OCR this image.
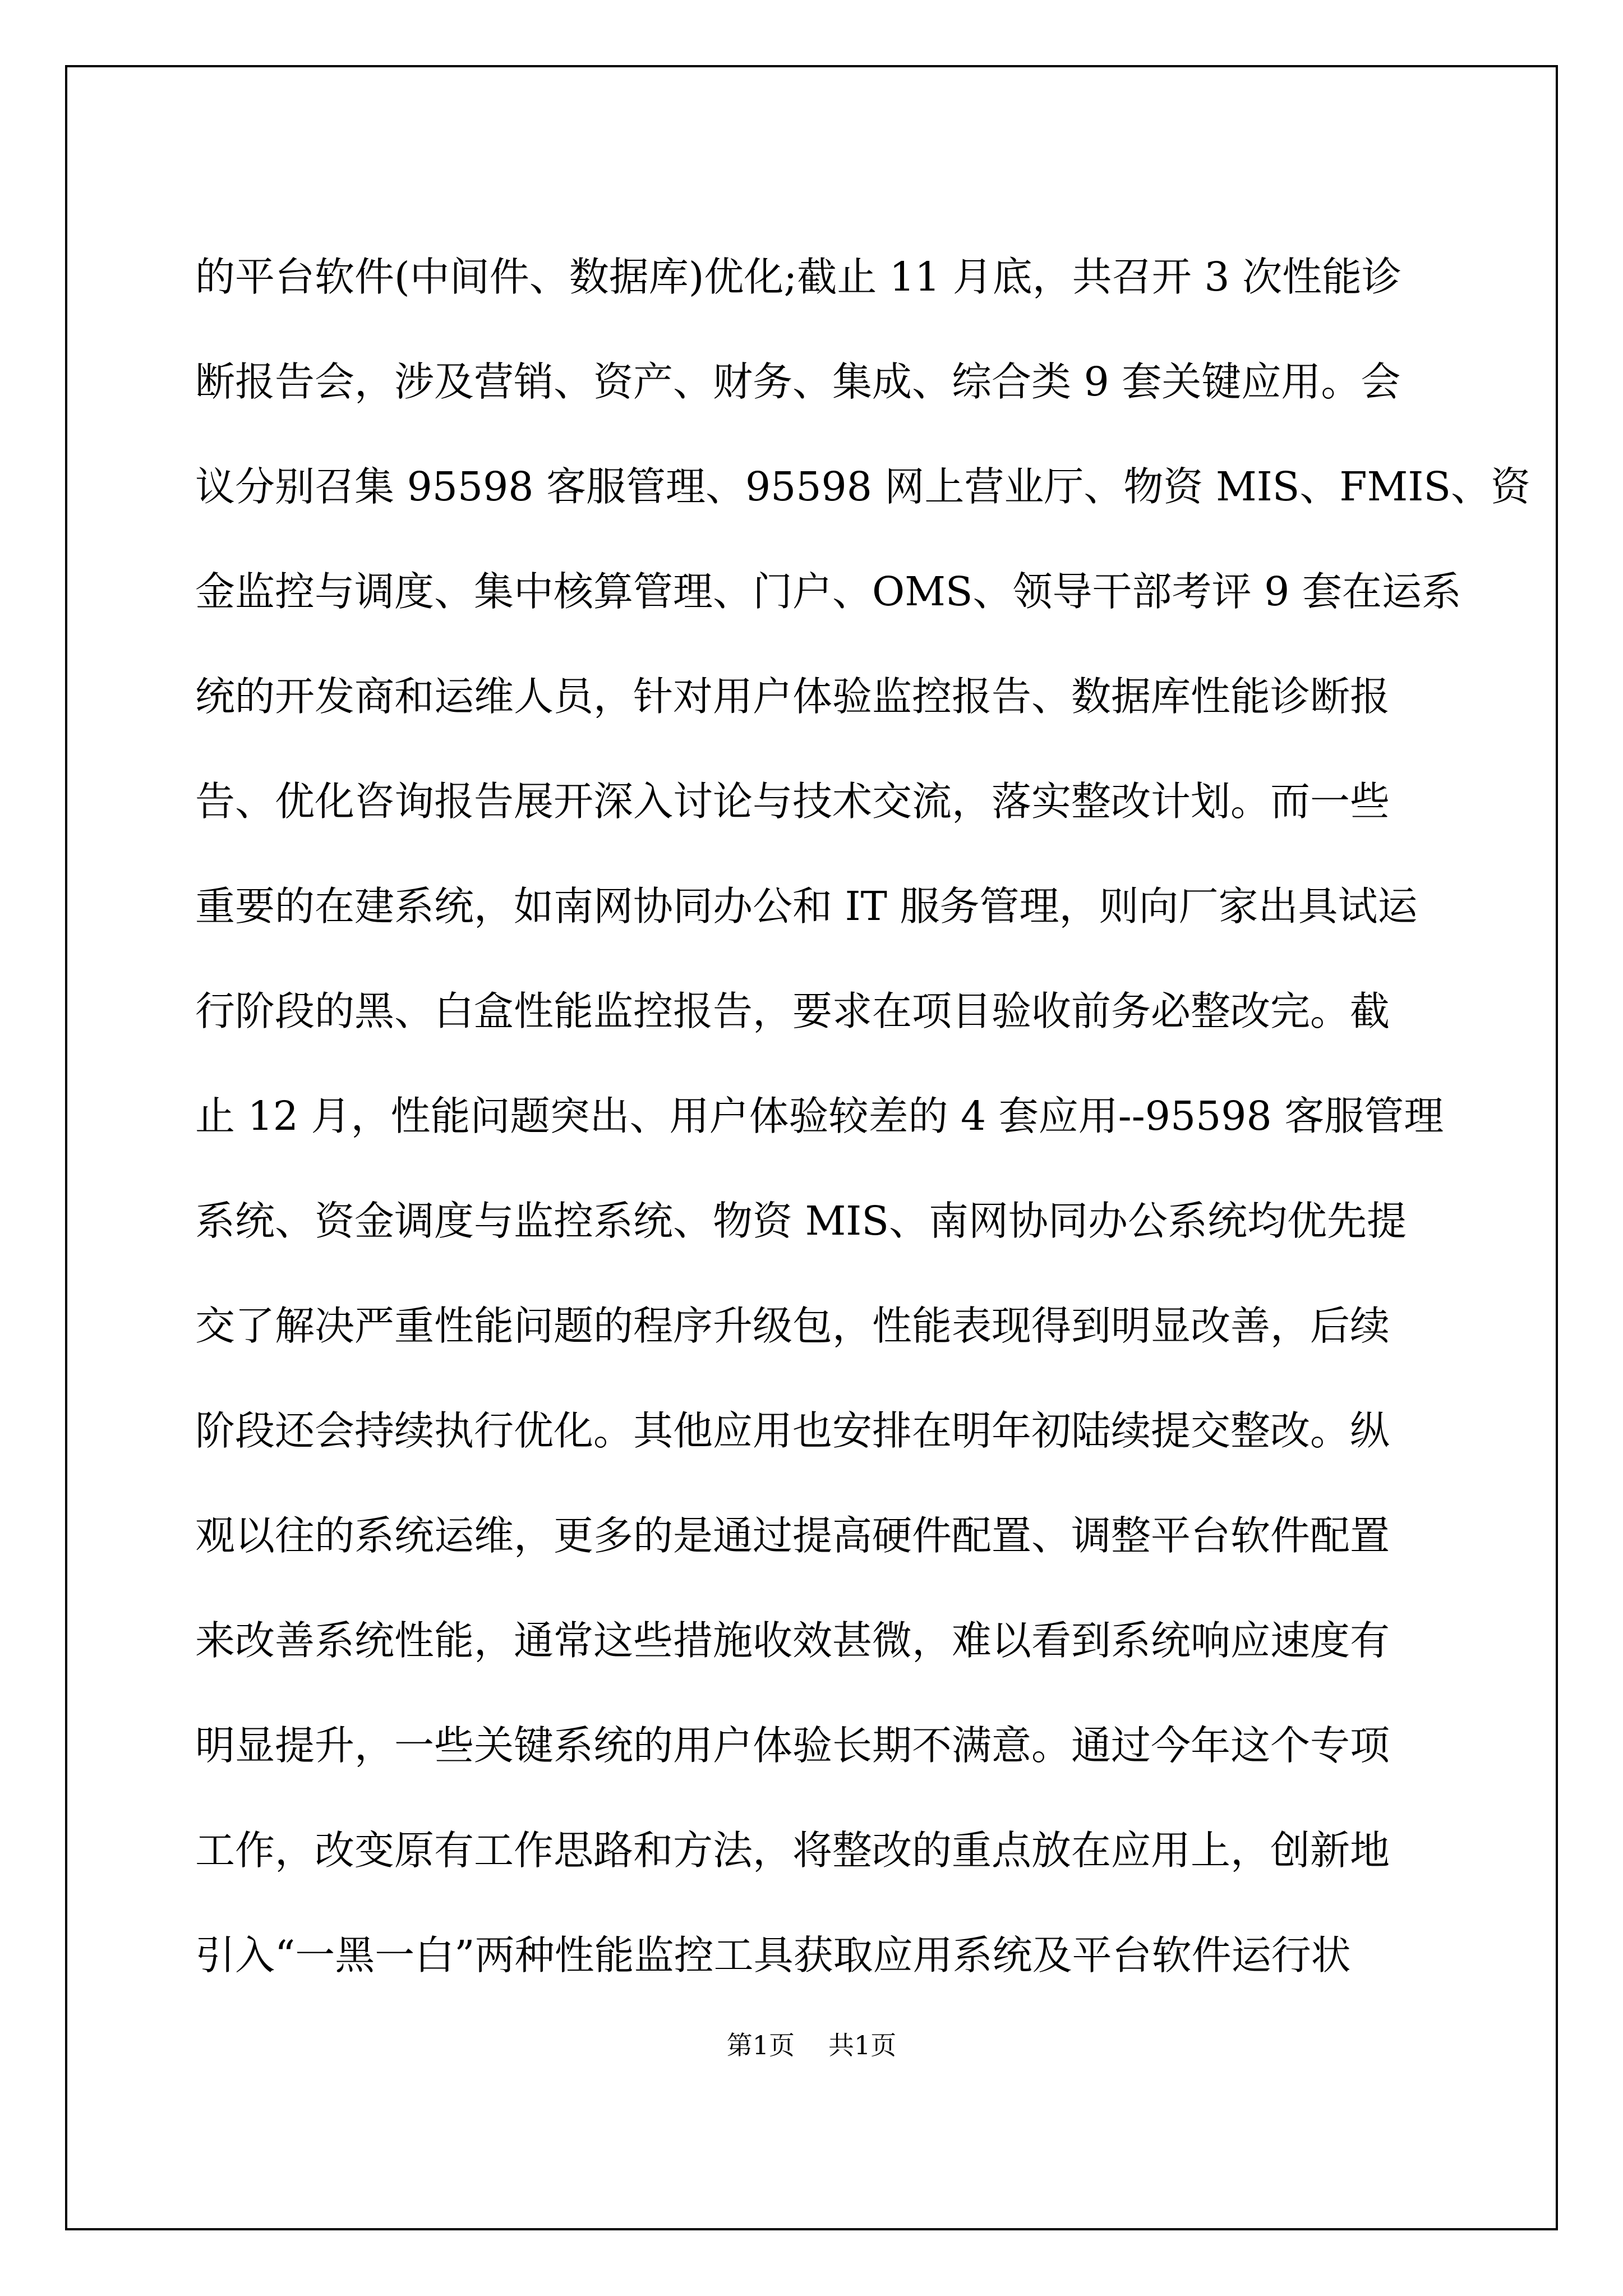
的平台软件(中间件、数据库)优化;截止 11 月底，共召开 3 次性能诊
断报告会，涉及营销、资产、财务、集成、综合类 9 套关键应用。会
议分别召集 95598 客服管理、95598 网上营业厅、物资 MIS、FMIS、资
金监控与调度、集中核算管理、门户、OMS、领导干部考评 9 套在运系
统的开发商和运维人员，针对用户体验监控报告、数据库性能诊断报
告、优化咨询报告展开深入讨论与技术交流，落实整改计划。而一些
重要的在建系统，如南网协同办公和 IT 服务管理，则向厂家出具试运
行阶段的黑、白盒性能监控报告，要求在项目验收前务必整改完。截
止 12 月，性能问题突出、用户体验较差的 4 套应用--95598 客服管理
系统、资金调度与监控系统、物资 MIS、南网协同办公系统均优先提
交了解决严重性能问题的程序升级包，性能表现得到明显改善，后续
阶段还会持续执行优化。其他应用也安排在明年初陆续提交整改。纵
观以往的系统运维，更多的是通过提高硬件配置、调整平台软件配置
来改善系统性能，通常这些措施收效甚微，难以看到系统响应速度有
明显提升，一些关键系统的用户体验长期不满意。通过今年这个专项
工作，改变原有工作思路和方法，将整改的重点放在应用上，创新地
引入“一黑一白”两种性能监控工具获取应用系统及平台软件运行状
第1页 共1页
